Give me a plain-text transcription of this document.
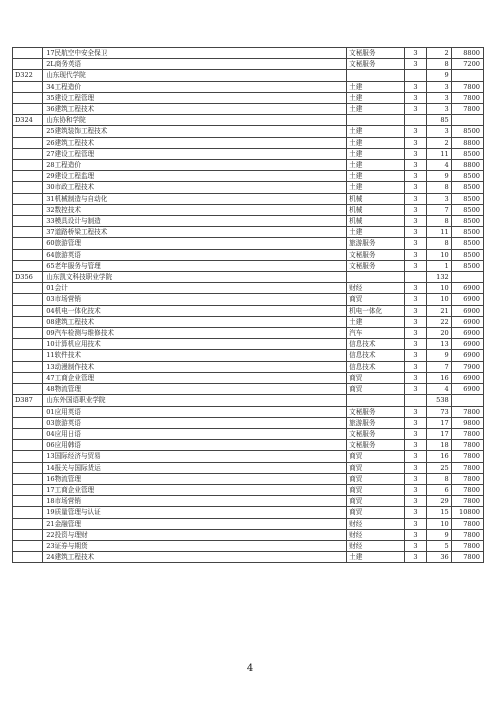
	17民航空中安全保卫	文秘服务	3	2	8800
	2L商务英语	文秘服务	3	8	7200
D322	山东现代学院			9	
	34工程造价	土建	3	3	7800
	35建设工程管理	土建	3	3	7800
	36建筑工程技术	土建	3	3	7800
D324	山东协和学院			85	
	25建筑装饰工程技术	土建	3	3	8500
	26建筑工程技术	土建	3	2	8800
	27建设工程管理	土建	3	11	8500
	28工程造价	土建	3	4	8800
	29建设工程监理	土建	3	9	8500
	30市政工程技术	土建	3	8	8500
	31机械制造与自动化	机械	3	3	8500
	32数控技术	机械	3	7	8500
	33模具设计与制造	机械	3	8	8500
	37道路桥梁工程技术	土建	3	11	8500
	60旅游管理	旅游服务	3	8	8500
	64旅游英语	文秘服务	3	10	8500
	65老年服务与管理	文秘服务	3	1	8500
D356	山东凯文科技职业学院			132	
	01会计	财经	3	10	6900
	03市场营销	商贸	3	10	6900
	04机电一体化技术	机电一体化	3	21	6900
	08建筑工程技术	土建	3	22	6900
	09汽车检测与维修技术	汽车	3	20	6900
	10计算机应用技术	信息技术	3	13	6900
	11软件技术	信息技术	3	9	6900
	13动漫制作技术	信息技术	3	7	7900
	47工商企业管理	商贸	3	16	6900
	48物流管理	商贸	3	4	6900
D387	山东外国语职业学院			538	
	01应用英语	文秘服务	3	73	7800
	03旅游英语	旅游服务	3	17	9800
	04应用日语	文秘服务	3	17	7800
	06应用韩语	文秘服务	3	18	7800
	13国际经济与贸易	商贸	3	16	7800
	14报关与国际货运	商贸	3	25	7800
	16物流管理	商贸	3	8	7800
	17工商企业管理	商贸	3	6	7800
	18市场营销	商贸	3	29	7800
	19质量管理与认证	商贸	3	15	10800
	21金融管理	财经	3	10	7800
	22投资与理财	财经	3	9	7800
	23证券与期货	财经	3	5	7800
	24建筑工程技术	土建	3	36	7800
4
